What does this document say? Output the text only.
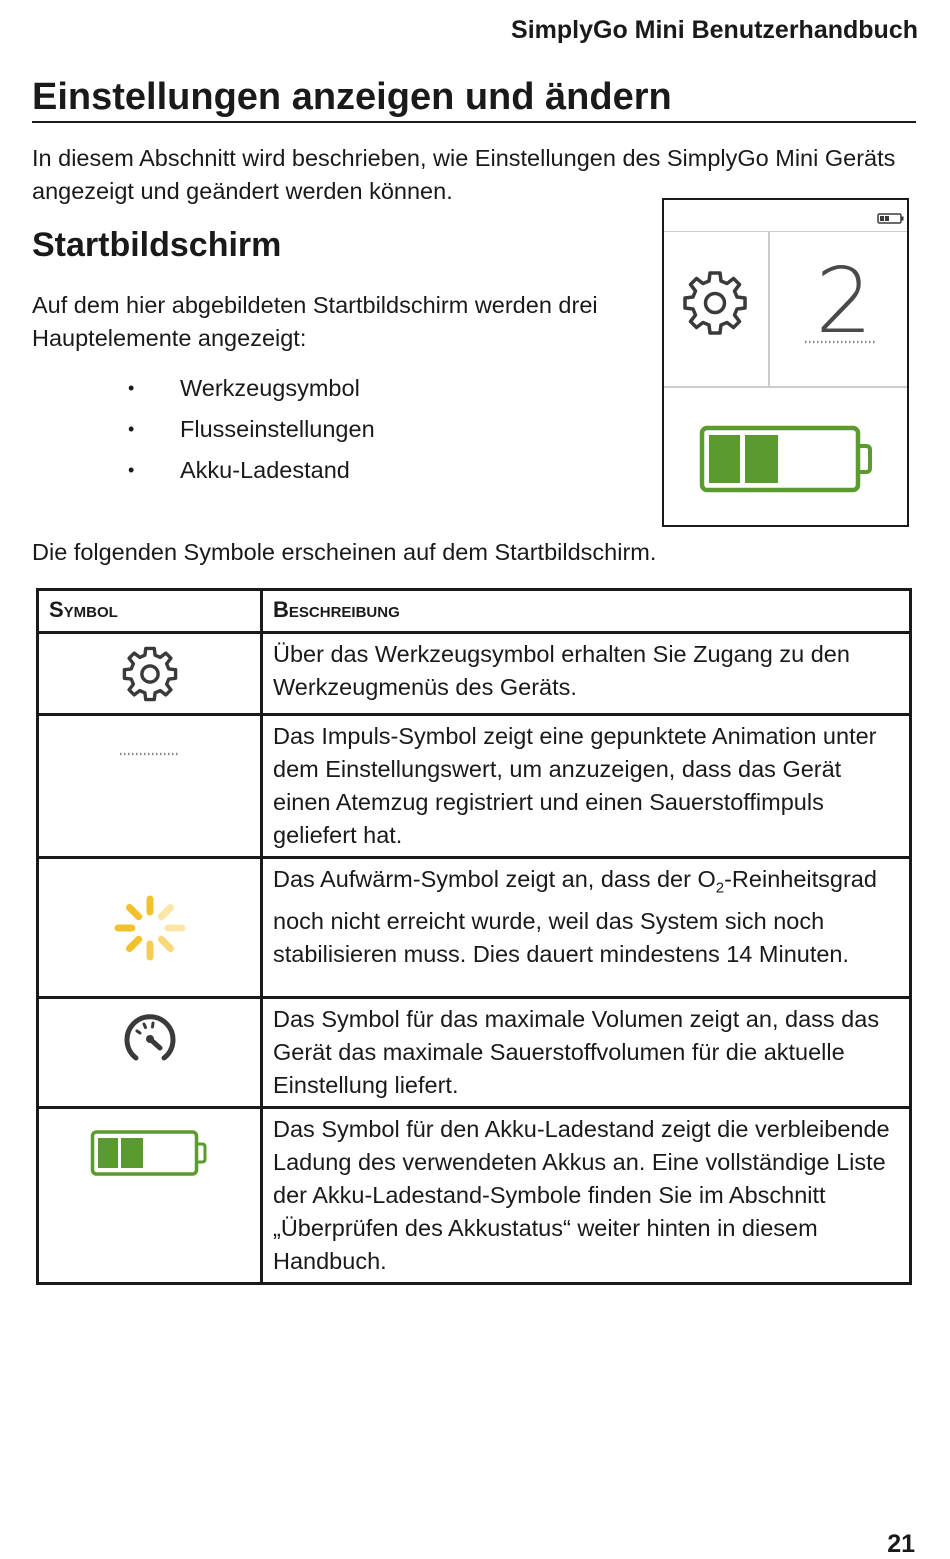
SimplyGo Mini Benutzerhandbuch
Einstellungen anzeigen und ändern

In diesem Abschnitt wird beschrieben, wie Einstellungen des SimplyGo Mini Geräts angezeigt und geändert werden können.

Startbildschirm

Auf dem hier abgebildeten Startbildschirm werden drei Hauptelemente angezeigt:

•	Werkzeugsymbol
•	Flusseinstellungen
•	Akku-Ladestand
2

Die folgenden Symbole erscheinen auf dem Startbildschirm.

Symbol	Beschreibung

	Über das Werkzeugsymbol erhalten Sie Zugang zu den Werkzeugmenüs des Geräts.

	Das Impuls-Symbol zeigt eine gepunktete Animation unter dem Einstellungswert, um anzuzeigen, dass das Gerät einen Atemzug registriert und einen Sauerstoffimpuls geliefert hat.

	Das Aufwärm-Symbol zeigt an, dass der $O_2$-Reinheitsgrad noch nicht erreicht wurde, weil das System sich noch stabilisieren muss. Dies dauert mindestens 14 Minuten.

	Das Symbol für das maximale Volumen zeigt an, dass das Gerät das maximale Sauerstoffvolumen für die aktuelle Einstellung liefert.

	Das Symbol für den Akku-Ladestand zeigt die verbleibende Ladung des verwendeten Akkus an. Eine vollständige Liste der Akku-Ladestand-Symbole finden Sie im Abschnitt „Überprüfen des Akkustatus“ weiter hinten in diesem Handbuch.
21
